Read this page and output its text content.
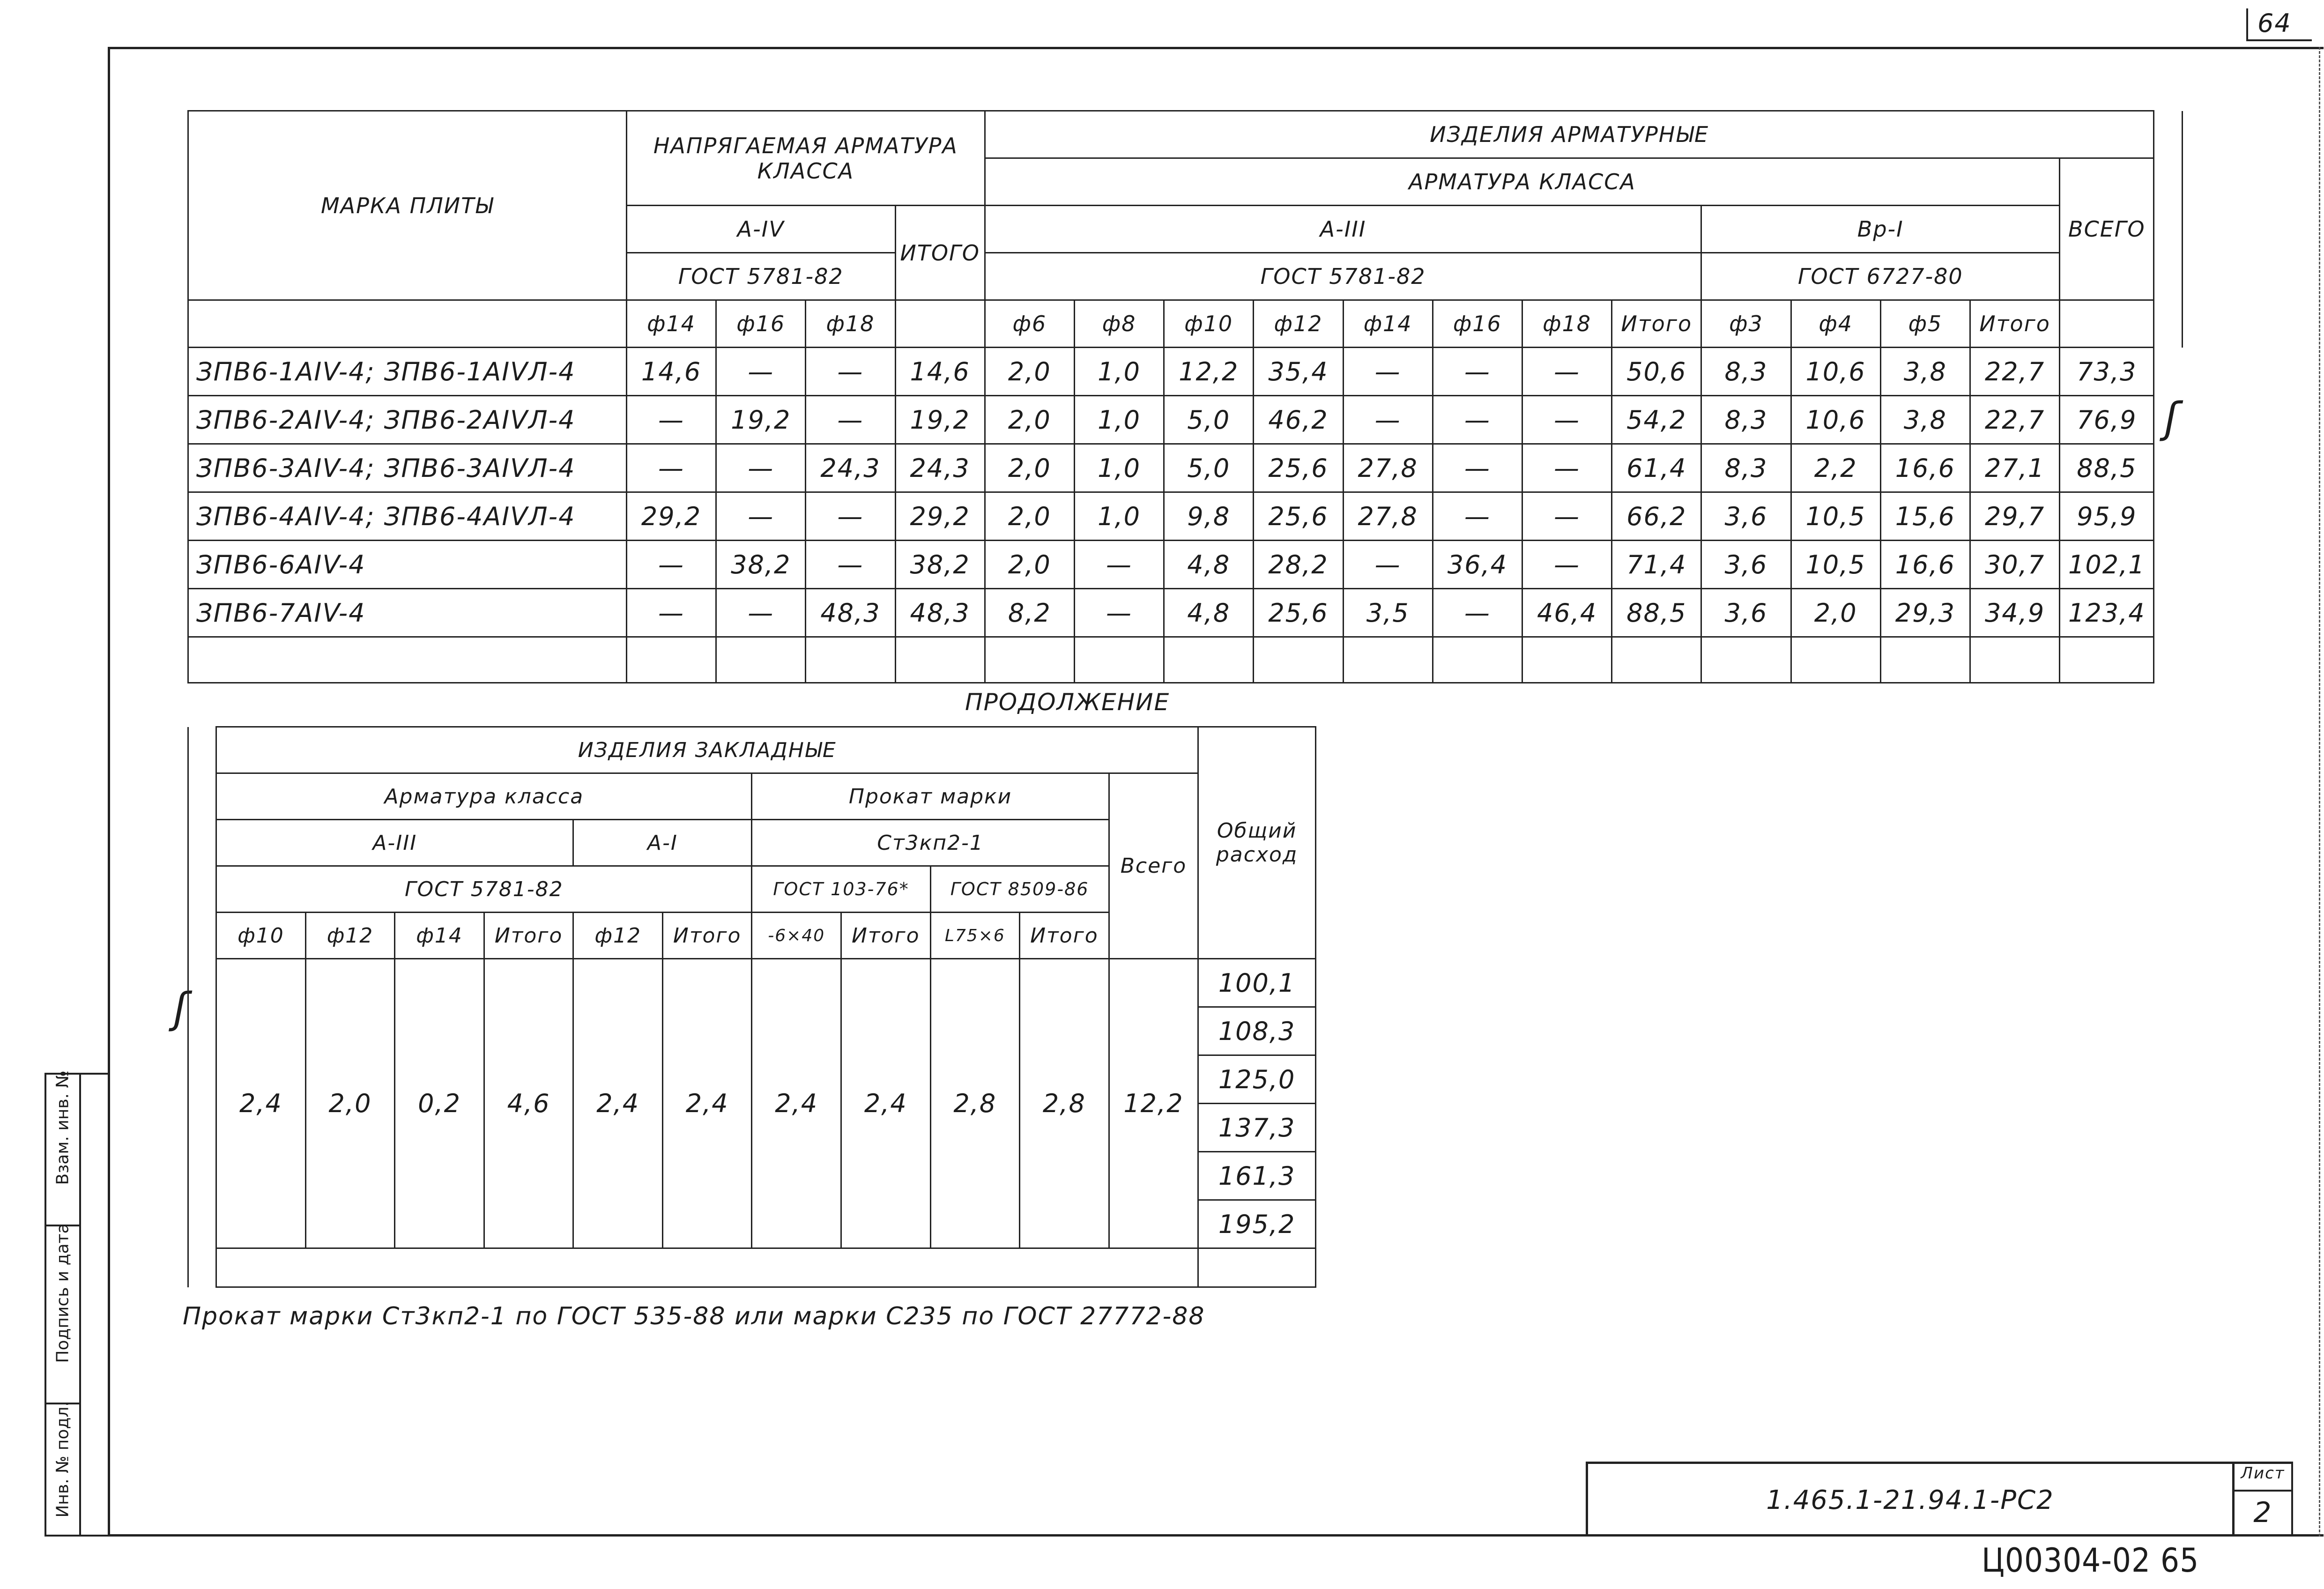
64
ʃ
ʃ
МАРКА ПЛИТЫ	НАПРЯГАЕМАЯ АРМАТУРА КЛАССА				ИЗДЕЛИЯ АРМАТУРНЫЕ													
					АРМАТУРА КЛАССА												ВСЕГО	
	А-IV			ИТОГО	А-III								Вр-I					
	ГОСТ 5781-82				ГОСТ 5781-82								ГОСТ 6727-80					
	ф14	ф16	ф18		ф6	ф8	ф10	ф12	ф14	ф16	ф18	Итого	ф3	ф4	ф5	Итого		
ЗПВ6-1АIV-4; ЗПВ6-1АIVЛ-4	14,6	—	—	14,6	2,0	1,0	12,2	35,4	—	—	—	50,6	8,3	10,6	3,8	22,7	73,3	
ЗПВ6-2АIV-4; ЗПВ6-2АIVЛ-4	—	19,2	—	19,2	2,0	1,0	5,0	46,2	—	—	—	54,2	8,3	10,6	3,8	22,7	76,9	
ЗПВ6-3АIV-4; ЗПВ6-3АIVЛ-4	—	—	24,3	24,3	2,0	1,0	5,0	25,6	27,8	—	—	61,4	8,3	2,2	16,6	27,1	88,5	
ЗПВ6-4АIV-4; ЗПВ6-4АIVЛ-4	29,2	—	—	29,2	2,0	1,0	9,8	25,6	27,8	—	—	66,2	3,6	10,5	15,6	29,7	95,9	
ЗПВ6-6АIV-4	—	38,2	—	38,2	2,0	—	4,8	28,2	—	36,4	—	71,4	3,6	10,5	16,6	30,7	102,1	
ЗПВ6-7АIV-4	—	—	48,3	48,3	8,2	—	4,8	25,6	3,5	—	46,4	88,5	3,6	2,0	29,3	34,9	123,4	

ПРОДОЛЖЕНИЕ
	ИЗДЕЛИЯ ЗАКЛАДНЫЕ											Общий расход
	Арматура класса						Прокат марки				Всего	
	А-III				А-I		Ст3кп2-1					
	ГОСТ 5781-82						ГОСТ 103-76*		ГОСТ 8509-86			
	ф10	ф12	ф14	Итого	ф12	Итого	-6×40	Итого	L75×6	Итого		
	2,4	2,0	0,2	4,6	2,4	2,4	2,4	2,4	2,8	2,8	12,2	100,1
												108,3
												125,0
												137,3
												161,3
												195,2

Прокат марки Ст3кп2-1 по ГОСТ 535-88 или марки С235 по ГОСТ 27772-88
Взам. инв. №
Подпись и дата
Инв. № подл.	1.465.1-21.94.1-РС2
Лист
2
Ц00304-02 65
